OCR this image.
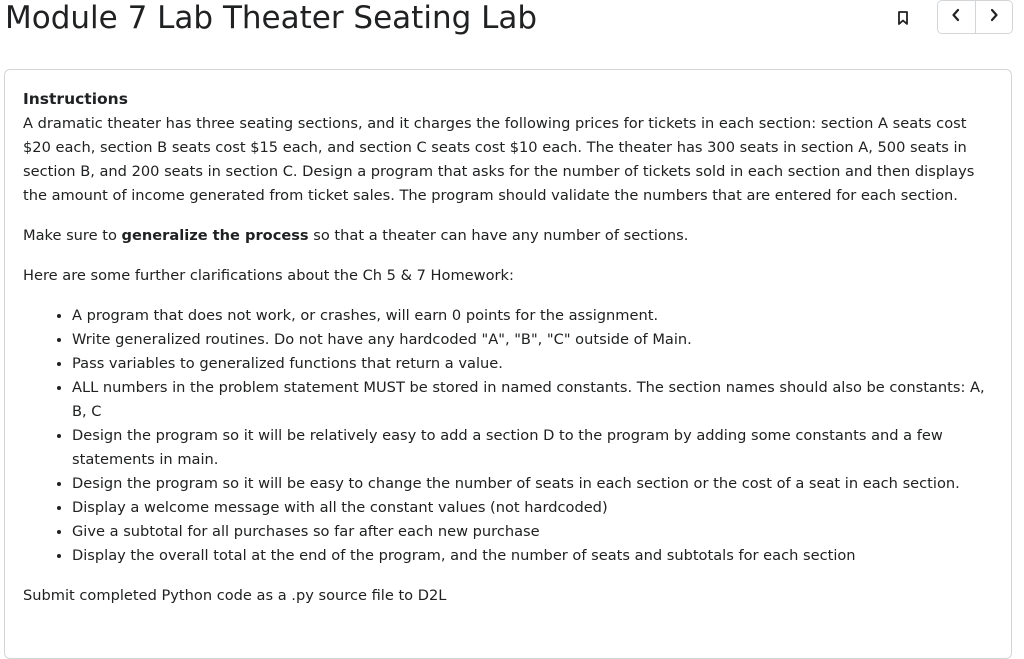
Module 7 Lab Theater Seating Lab
Instructions

A dramatic theater has three seating sections, and it charges the following prices for tickets in each section: section A seats cost $20 each, section B seats cost $15 each, and section C seats cost $10 each. The theater has 300 seats in section A, 500 seats in section B, and 200 seats in section C. Design a program that asks for the number of tickets sold in each section and then displays the amount of income generated from ticket sales. The program should validate the numbers that are entered for each section.

Make sure to generalize the process so that a theater can have any number of sections.

Here are some further clarifications about the Ch 5 & 7 Homework:

• A program that does not work, or crashes, will earn 0 points for the assignment.
• Write generalized routines. Do not have any hardcoded "A", "B", "C" outside of Main.
• Pass variables to generalized functions that return a value.
• ALL numbers in the problem statement MUST be stored in named constants. The section names should also be constants: A, B, C
• Design the program so it will be relatively easy to add a section D to the program by adding some constants and a few statements in main.
• Design the program so it will be easy to change the number of seats in each section or the cost of a seat in each section.
• Display a welcome message with all the constant values (not hardcoded)
• Give a subtotal for all purchases so far after each new purchase
• Display the overall total at the end of the program, and the number of seats and subtotals for each section

Submit completed Python code as a .py source file to D2L
